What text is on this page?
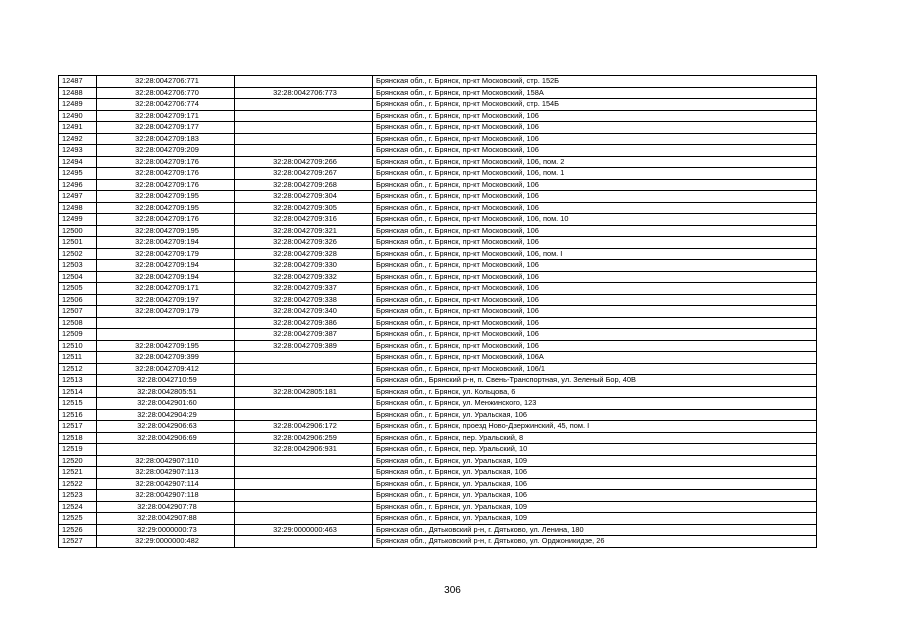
12487	32:28:0042706:771		Брянская обл., г. Брянск, пр-кт Московский, стр. 152Б
12488	32:28:0042706:770	32:28:0042706:773	Брянская обл., г. Брянск, пр-кт Московский, 158А
12489	32:28:0042706:774		Брянская обл., г. Брянск, пр-кт Московский, стр. 154Б
12490	32:28:0042709:171		Брянская обл., г. Брянск, пр-кт Московский, 106
12491	32:28:0042709:177		Брянская обл., г. Брянск, пр-кт Московский, 106
12492	32:28:0042709:183		Брянская обл., г. Брянск, пр-кт Московский, 106
12493	32:28:0042709:209		Брянская обл., г. Брянск, пр-кт Московский, 106
12494	32:28:0042709:176	32:28:0042709:266	Брянская обл., г. Брянск, пр-кт Московский, 106, пом. 2
12495	32:28:0042709:176	32:28:0042709:267	Брянская обл., г. Брянск, пр-кт Московский, 106, пом. 1
12496	32:28:0042709:176	32:28:0042709:268	Брянская обл., г. Брянск, пр-кт Московский, 106
12497	32:28:0042709:195	32:28:0042709:304	Брянская обл., г. Брянск, пр-кт Московский, 106
12498	32:28:0042709:195	32:28:0042709:305	Брянская обл., г. Брянск, пр-кт Московский, 106
12499	32:28:0042709:176	32:28:0042709:316	Брянская обл., г. Брянск, пр-кт Московский, 106, пом. 10
12500	32:28:0042709:195	32:28:0042709:321	Брянская обл., г. Брянск, пр-кт Московский, 106
12501	32:28:0042709:194	32:28:0042709:326	Брянская обл., г. Брянск, пр-кт Московский, 106
12502	32:28:0042709:179	32:28:0042709:328	Брянская обл., г. Брянск, пр-кт Московский, 106, пом. I
12503	32:28:0042709:194	32:28:0042709:330	Брянская обл., г. Брянск, пр-кт Московский, 106
12504	32:28:0042709:194	32:28:0042709:332	Брянская обл., г. Брянск, пр-кт Московский, 106
12505	32:28:0042709:171	32:28:0042709:337	Брянская обл., г. Брянск, пр-кт Московский, 106
12506	32:28:0042709:197	32:28:0042709:338	Брянская обл., г. Брянск, пр-кт Московский, 106
12507	32:28:0042709:179	32:28:0042709:340	Брянская обл., г. Брянск, пр-кт Московский, 106
12508		32:28:0042709:386	Брянская обл., г. Брянск, пр-кт Московский, 106
12509		32:28:0042709:387	Брянская обл., г. Брянск, пр-кт Московский, 106
12510	32:28:0042709:195	32:28:0042709:389	Брянская обл., г. Брянск, пр-кт Московский, 106
12511	32:28:0042709:399		Брянская обл., г. Брянск, пр-кт Московский, 106А
12512	32:28:0042709:412		Брянская обл., г. Брянск, пр-кт Московский, 106/1
12513	32:28:0042710:59		Брянская обл., Брянский р-н, п. Свень-Транспортная, ул. Зеленый Бор, 40В
12514	32:28:0042805:51	32:28:0042805:181	Брянская обл., г. Брянск, ул. Кольцова, 6
12515	32:28:0042901:60		Брянская обл., г. Брянск, ул. Менжинского, 123
12516	32:28:0042904:29		Брянская обл., г. Брянск, ул. Уральская, 106
12517	32:28:0042906:63	32:28:0042906:172	Брянская обл., г. Брянск, проезд Ново-Дзержинский, 45, пом. I
12518	32:28:0042906:69	32:28:0042906:259	Брянская обл., г. Брянск, пер. Уральский, 8
12519		32:28:0042906:931	Брянская обл., г. Брянск, пер. Уральский, 10
12520	32:28:0042907:110		Брянская обл., г. Брянск, ул. Уральская, 109
12521	32:28:0042907:113		Брянская обл., г. Брянск, ул. Уральская, 106
12522	32:28:0042907:114		Брянская обл., г. Брянск, ул. Уральская, 106
12523	32:28:0042907:118		Брянская обл., г. Брянск, ул. Уральская, 106
12524	32:28:0042907:78		Брянская обл., г. Брянск, ул. Уральская, 109
12525	32:28:0042907:88		Брянская обл., г. Брянск, ул. Уральская, 109
12526	32:29:0000000:73	32:29:0000000:463	Брянская обл., Дятьковский р-н, г. Дятьково, ул. Ленина, 180
12527	32:29:0000000:482		Брянская обл., Дятьковский р-н, г. Дятьково, ул. Орджоникидзе, 26
306
